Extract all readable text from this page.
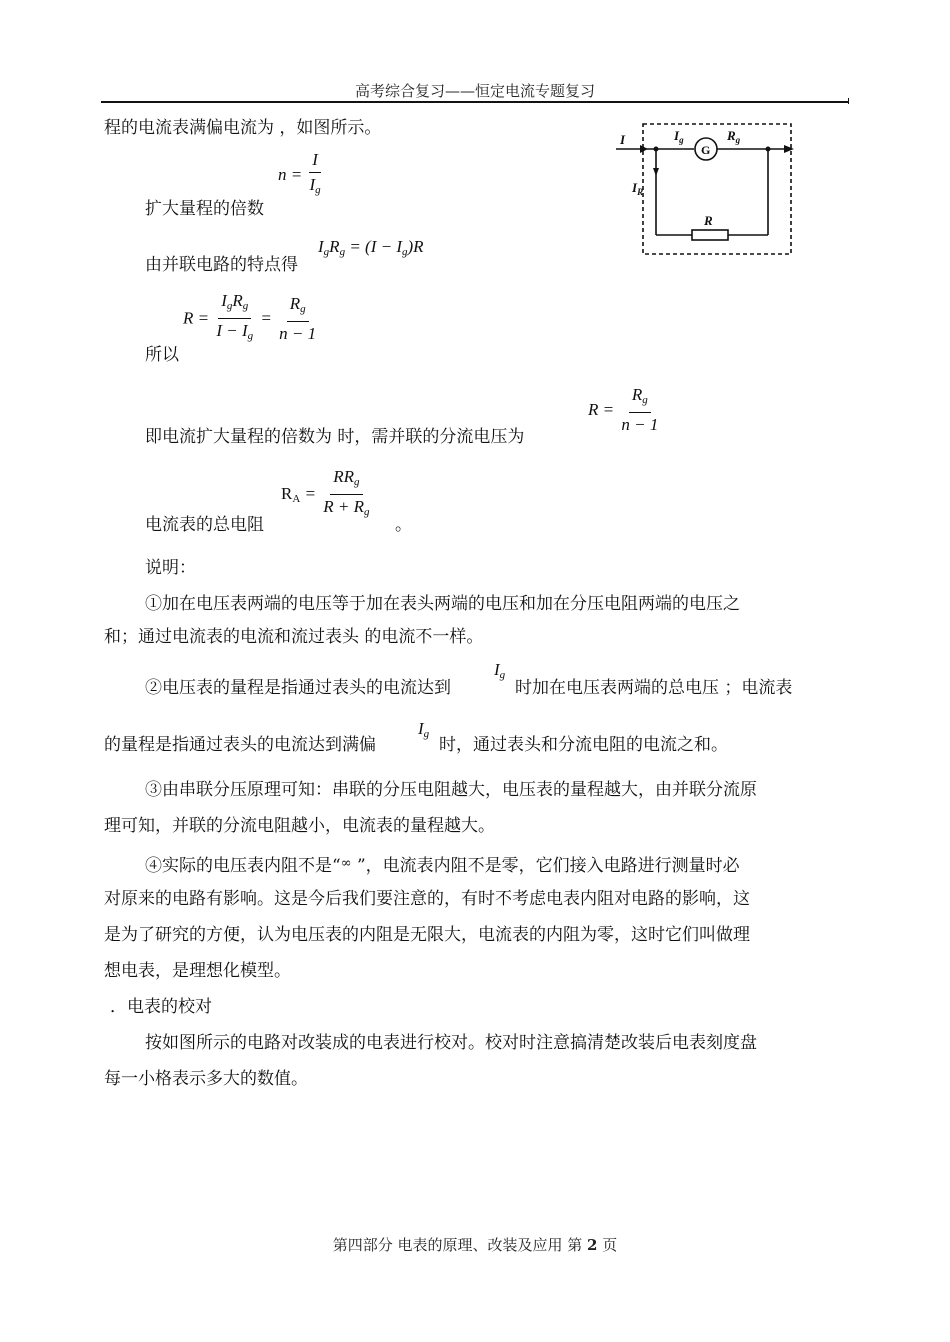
高考综合复习——恒定电流专题复习
程的电流表满偏电流为 ，如图所示。
I	$I_g$
G
$R_g$
$I_R$
R
$n = \frac{I}{I_g}$
扩大量程的倍数
$I_gR_g = (I - I_g)R$
由并联电路的特点得
$R = \frac{I_gR_g}{I - I_g} = \frac{R_g}{n - 1}$
所以
$R = \frac{R_g}{n - 1}$
即电流扩大量程的倍数为 时，需并联的分流电压为
$R_A = \frac{RR_g}{R + R_g}$
电流表的总电阻	。
说明：
①加在电压表两端的电压等于加在表头两端的电压和加在分压电阻两端的电压之
和；通过电流表的电流和流过表头 的电流不一样。
②电压表的量程是指通过表头的电流达到
$I_g$
时加在电压表两端的总电压 ；电流表
的量程是指通过表头的电流达到满偏
$I_g$
时，通过表头和分流电阻的电流之和。
③由串联分压原理可知：串联的分压电阻越大，电压表的量程越大，由并联分流原
理可知，并联的分流电阻越小，电流表的量程越大。
④实际的电压表内阻不是“∞ ”，电流表内阻不是零，它们接入电路进行测量时必
对原来的电路有影响。这是今后我们要注意的，有时不考虑电表内阻对电路的影响，这
是为了研究的方便，认为电压表的内阻是无限大，电流表的内阻为零，这时它们叫做理
想电表，是理想化模型。
．电表的校对
按如图所示的电路对改装成的电表进行校对。校对时注意搞清楚改装后电表刻度盘
每一小格表示多大的数值。
第四部分 电表的原理、改装及应用 第 2 页
